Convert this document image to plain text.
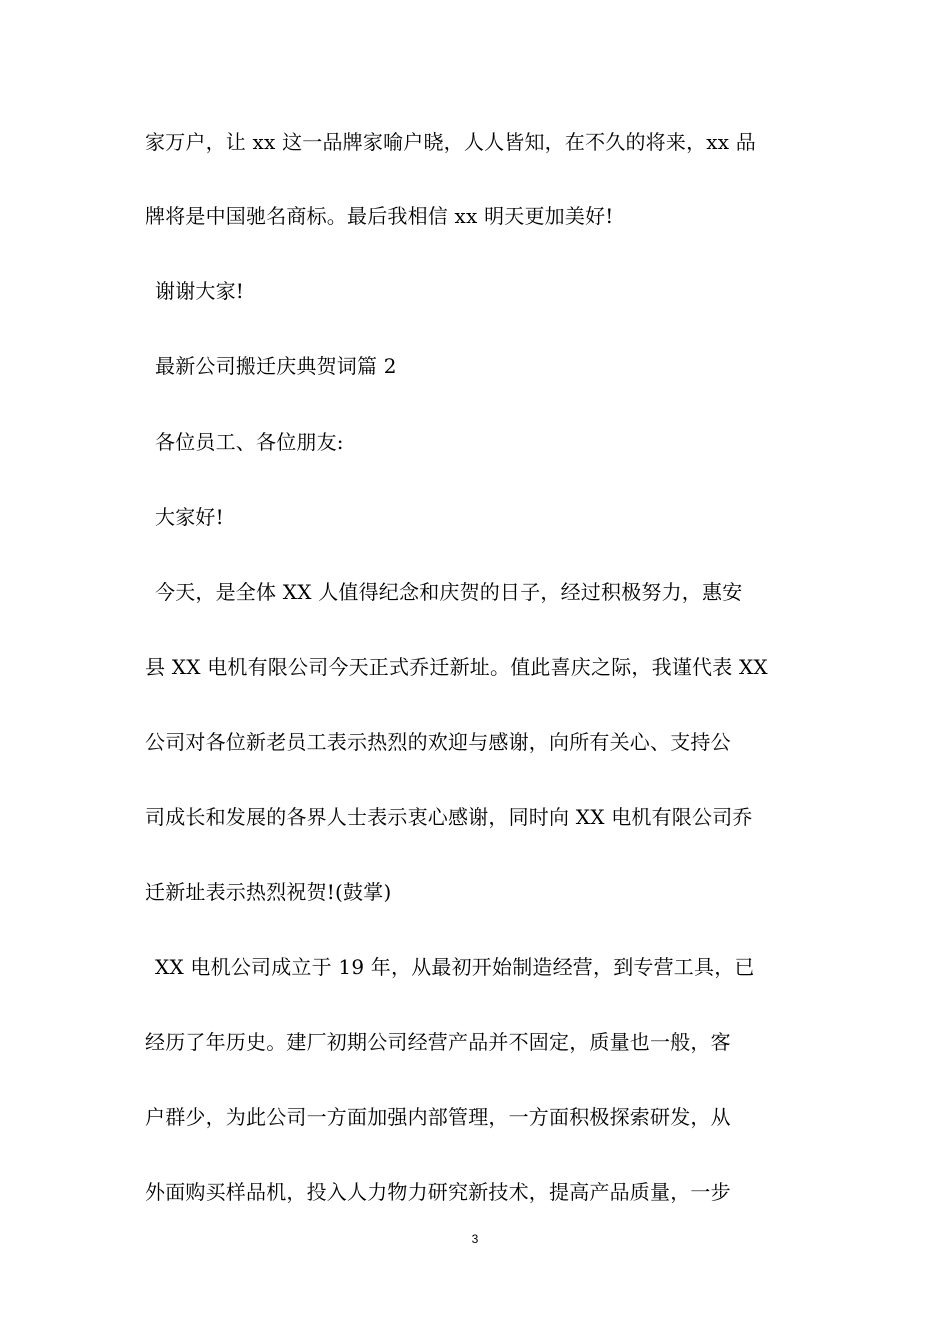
家万户，让 xx 这一品牌家喻户晓，人人皆知，在不久的将来，xx 品
牌将是中国驰名商标。最后我相信 xx 明天更加美好!
谢谢大家!
最新公司搬迁庆典贺词篇 2
各位员工、各位朋友:
大家好!
今天，是全体 XX 人值得纪念和庆贺的日子，经过积极努力，惠安
县 XX 电机有限公司今天正式乔迁新址。值此喜庆之际，我谨代表 XX
公司对各位新老员工表示热烈的欢迎与感谢，向所有关心、支持公
司成长和发展的各界人士表示衷心感谢，同时向 XX 电机有限公司乔
迁新址表示热烈祝贺!(鼓掌)
XX 电机公司成立于 19 年，从最初开始制造经营，到专营工具，已
经历了年历史。建厂初期公司经营产品并不固定，质量也一般，客
户群少，为此公司一方面加强内部管理，一方面积极探索研发，从
外面购买样品机，投入人力物力研究新技术，提高产品质量，一步
3
